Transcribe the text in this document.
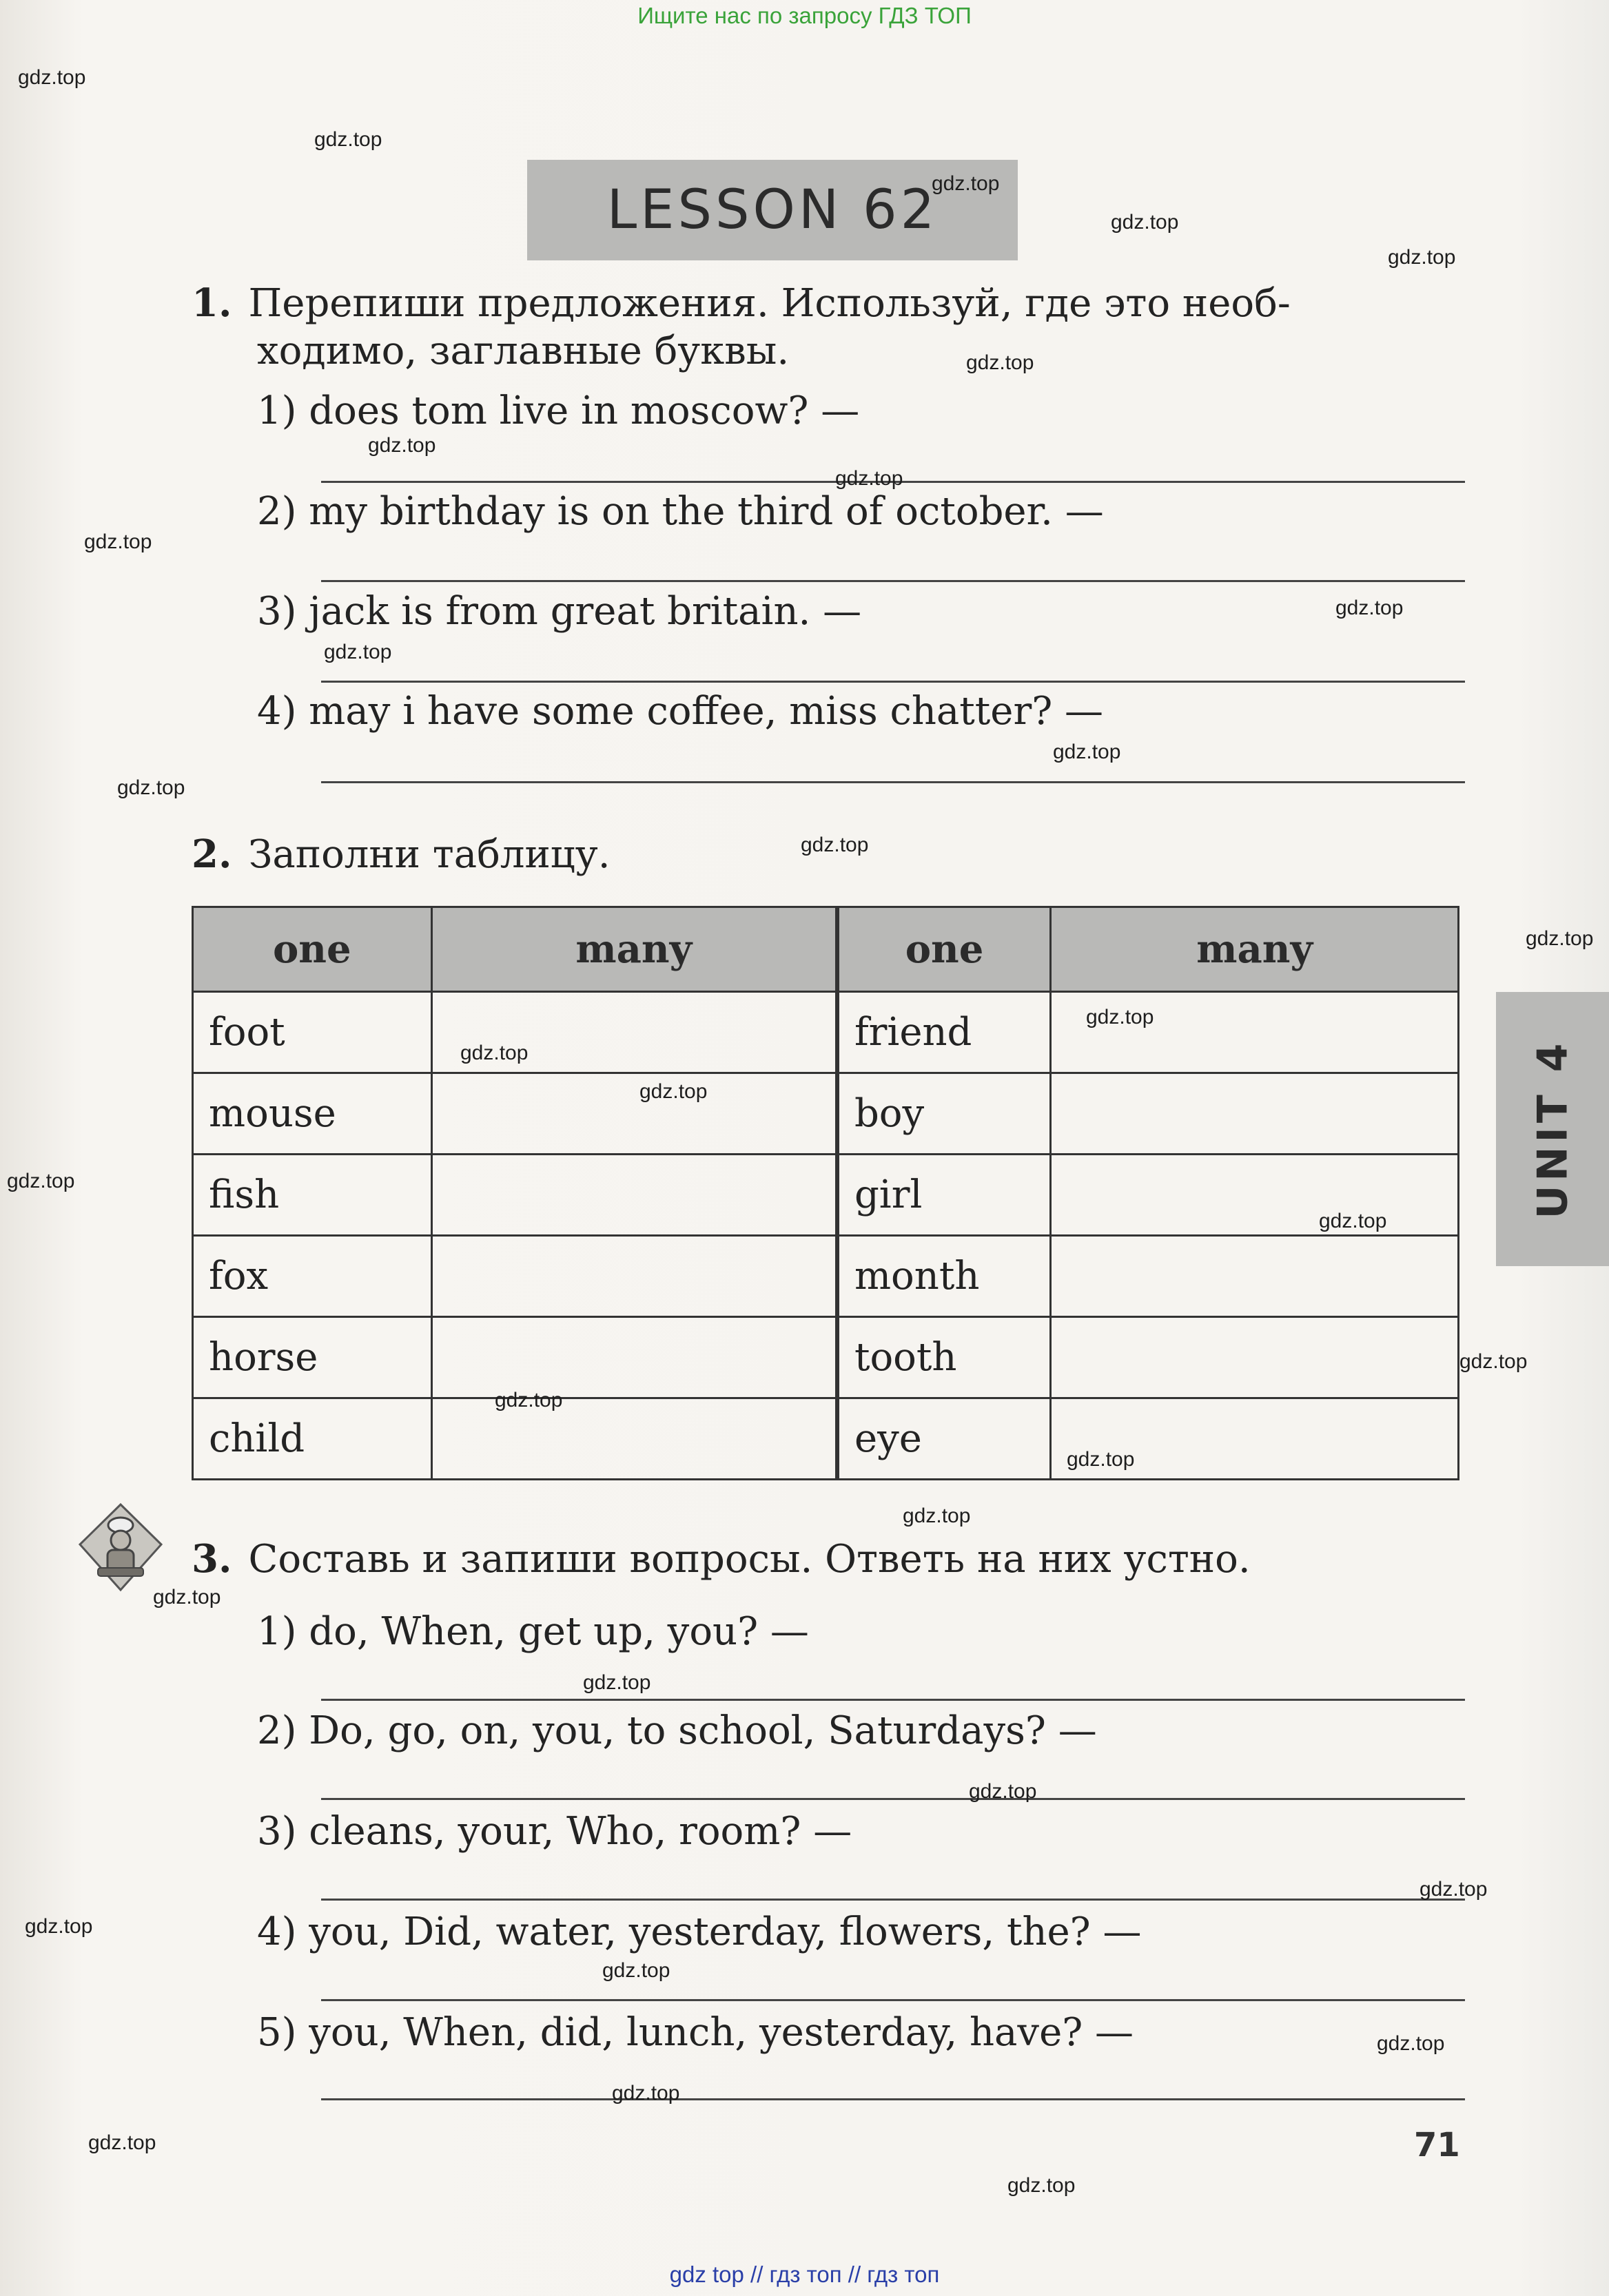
Ищите нас по запросу ГДЗ ТОП
LESSON 62
1. Перепиши предложения. Используй, где это необ-
ходимо, заглавные буквы.
1) does tom live in moscow? —
2) my birthday is on the third of october. —
3) jack is from great britain. —
4) may i have some coffee, miss chatter? —
2. Заполни таблицу.
one	many	one	many
foot		friend	
mouse		boy	
fish		girl	
fox		month	
horse		tooth	
child		eye	
3. Составь и запиши вопросы. Ответь на них устно.
1) do, When, get up, you? —
2) Do, go, on, you, to school, Saturdays? —
3) cleans, your, Who, room? —
4) you, Did, water, yesterday, flowers, the? —
5) you, When, did, lunch, yesterday, have? —
UNIT 4
71
gdz.top
gdz.top
gdz.top
gdz.top
gdz.top
gdz.top
gdz.top
gdz.top
gdz.top
gdz.top
gdz.top
gdz.top
gdz.top
gdz.top
gdz.top
gdz.top
gdz.top
gdz.top
gdz.top
gdz.top
gdz.top
gdz.top
gdz.top
gdz.top
gdz.top
gdz.top
gdz.top
gdz.top
gdz.top
gdz.top
gdz.top
gdz.top
gdz.top
gdz.top
gdz top // гдз топ // гдз топ
